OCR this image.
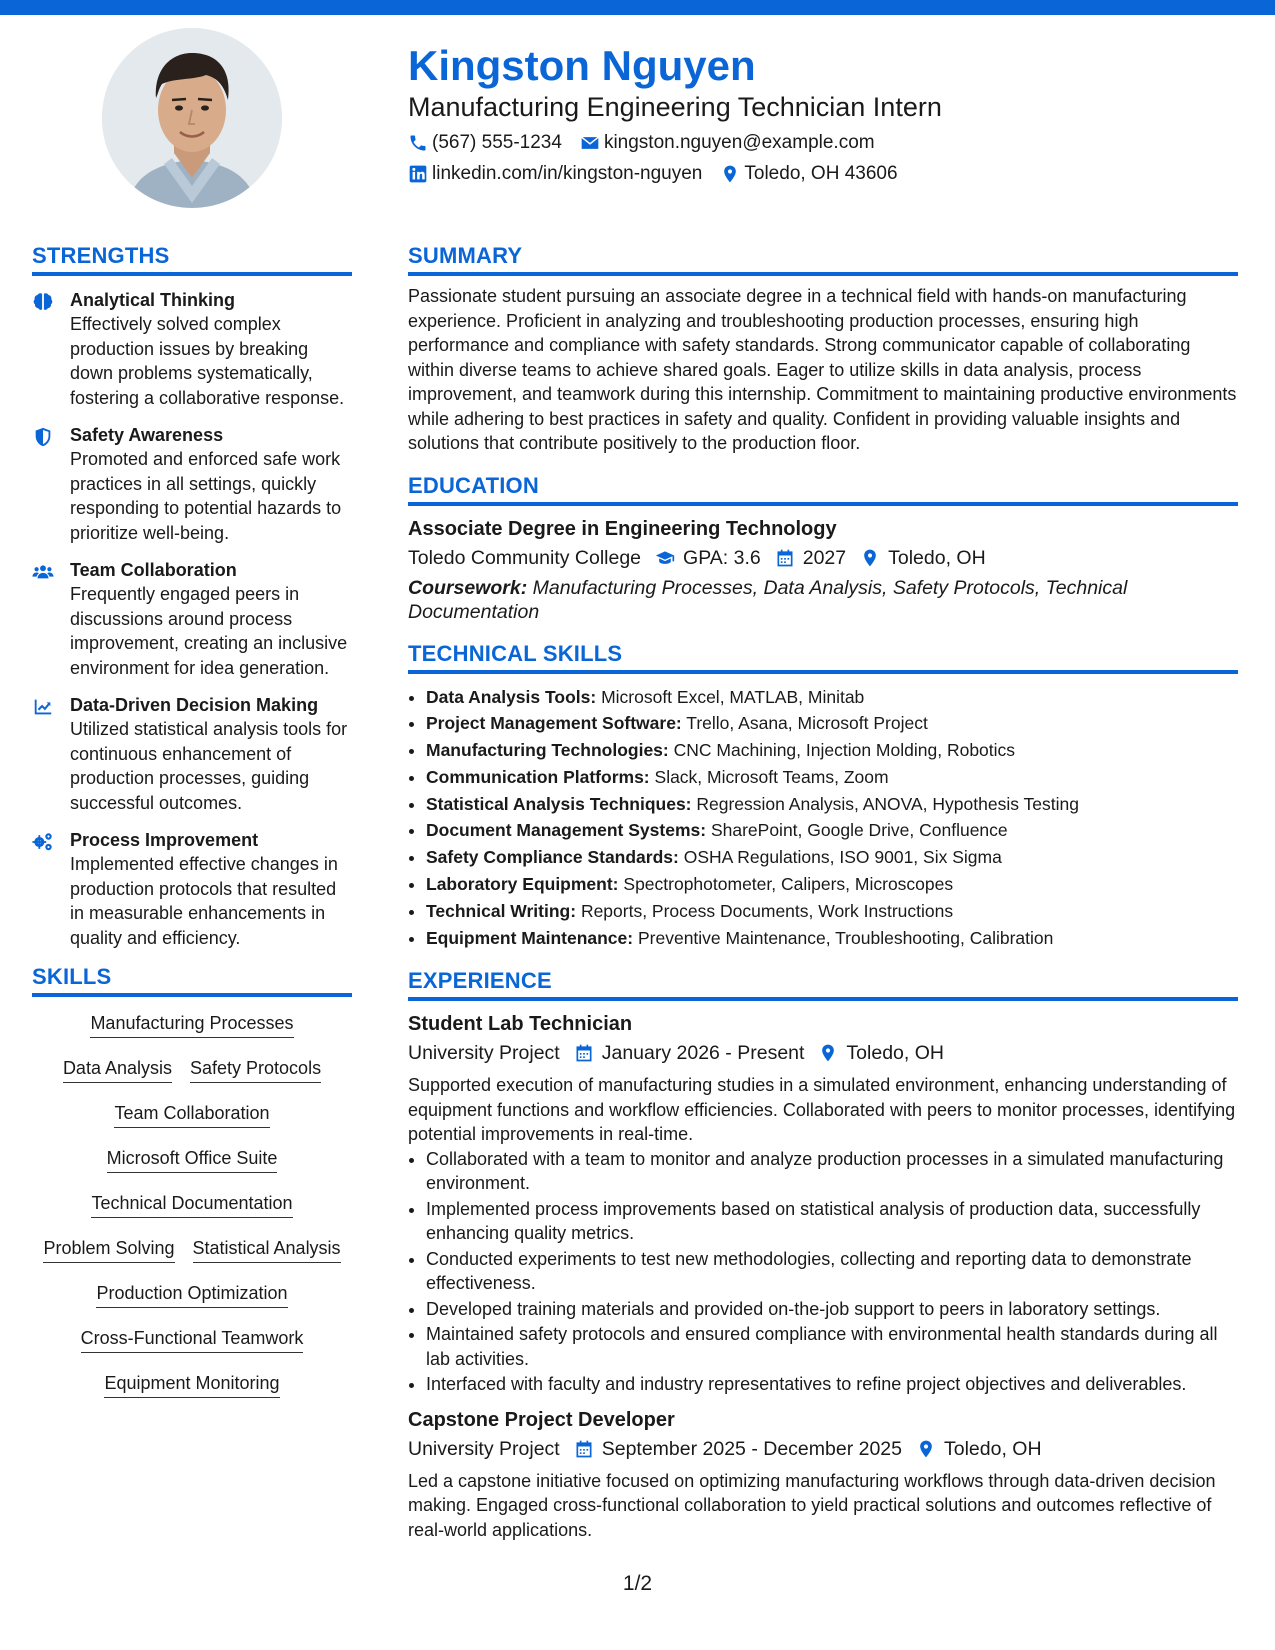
Kingston Nguyen
Manufacturing Engineering Technician Intern
(567) 555-1234 kingston.nguyen@example.com
linkedin.com/in/kingston-nguyen Toledo, OH 43606
STRENGTHS
Analytical Thinking
Effectively solved complex production issues by breaking down problems systematically, fostering a collaborative response.
Safety Awareness
Promoted and enforced safe work practices in all settings, quickly responding to potential hazards to prioritize well-being.
Team Collaboration
Frequently engaged peers in discussions around process improvement, creating an inclusive environment for idea generation.
Data-Driven Decision Making
Utilized statistical analysis tools for continuous enhancement of production processes, guiding successful outcomes.
Process Improvement
Implemented effective changes in production protocols that resulted in measurable enhancements in quality and efficiency.
SKILLS
Manufacturing Processes
Data Analysis Safety Protocols
Team Collaboration
Microsoft Office Suite
Technical Documentation
Problem Solving Statistical Analysis
Production Optimization
Cross-Functional Teamwork
Equipment Monitoring
SUMMARY
Passionate student pursuing an associate degree in a technical field with hands-on manufacturing experience. Proficient in analyzing and troubleshooting production processes, ensuring high performance and compliance with safety standards. Strong communicator capable of collaborating within diverse teams to achieve shared goals. Eager to utilize skills in data analysis, process improvement, and teamwork during this internship. Commitment to maintaining productive environments while adhering to best practices in safety and quality. Confident in providing valuable insights and solutions that contribute positively to the production floor.
EDUCATION
Associate Degree in Engineering Technology
Toledo Community College GPA: 3.6 2027 Toledo, OH
Coursework: Manufacturing Processes, Data Analysis, Safety Protocols, Technical Documentation
TECHNICAL SKILLS
• Data Analysis Tools: Microsoft Excel, MATLAB, Minitab
• Project Management Software: Trello, Asana, Microsoft Project
• Manufacturing Technologies: CNC Machining, Injection Molding, Robotics
• Communication Platforms: Slack, Microsoft Teams, Zoom
• Statistical Analysis Techniques: Regression Analysis, ANOVA, Hypothesis Testing
• Document Management Systems: SharePoint, Google Drive, Confluence
• Safety Compliance Standards: OSHA Regulations, ISO 9001, Six Sigma
• Laboratory Equipment: Spectrophotometer, Calipers, Microscopes
• Technical Writing: Reports, Process Documents, Work Instructions
• Equipment Maintenance: Preventive Maintenance, Troubleshooting, Calibration
EXPERIENCE
Student Lab Technician
University Project January 2026 - Present Toledo, OH
Supported execution of manufacturing studies in a simulated environment, enhancing understanding of equipment functions and workflow efficiencies. Collaborated with peers to monitor processes, identifying potential improvements in real-time.
• Collaborated with a team to monitor and analyze production processes in a simulated manufacturing environment.
• Implemented process improvements based on statistical analysis of production data, successfully enhancing quality metrics.
• Conducted experiments to test new methodologies, collecting and reporting data to demonstrate effectiveness.
• Developed training materials and provided on-the-job support to peers in laboratory settings.
• Maintained safety protocols and ensured compliance with environmental health standards during all lab activities.
• Interfaced with faculty and industry representatives to refine project objectives and deliverables.
Capstone Project Developer
University Project September 2025 - December 2025 Toledo, OH
Led a capstone initiative focused on optimizing manufacturing workflows through data-driven decision making. Engaged cross-functional collaboration to yield practical solutions and outcomes reflective of real-world applications.
1/2
